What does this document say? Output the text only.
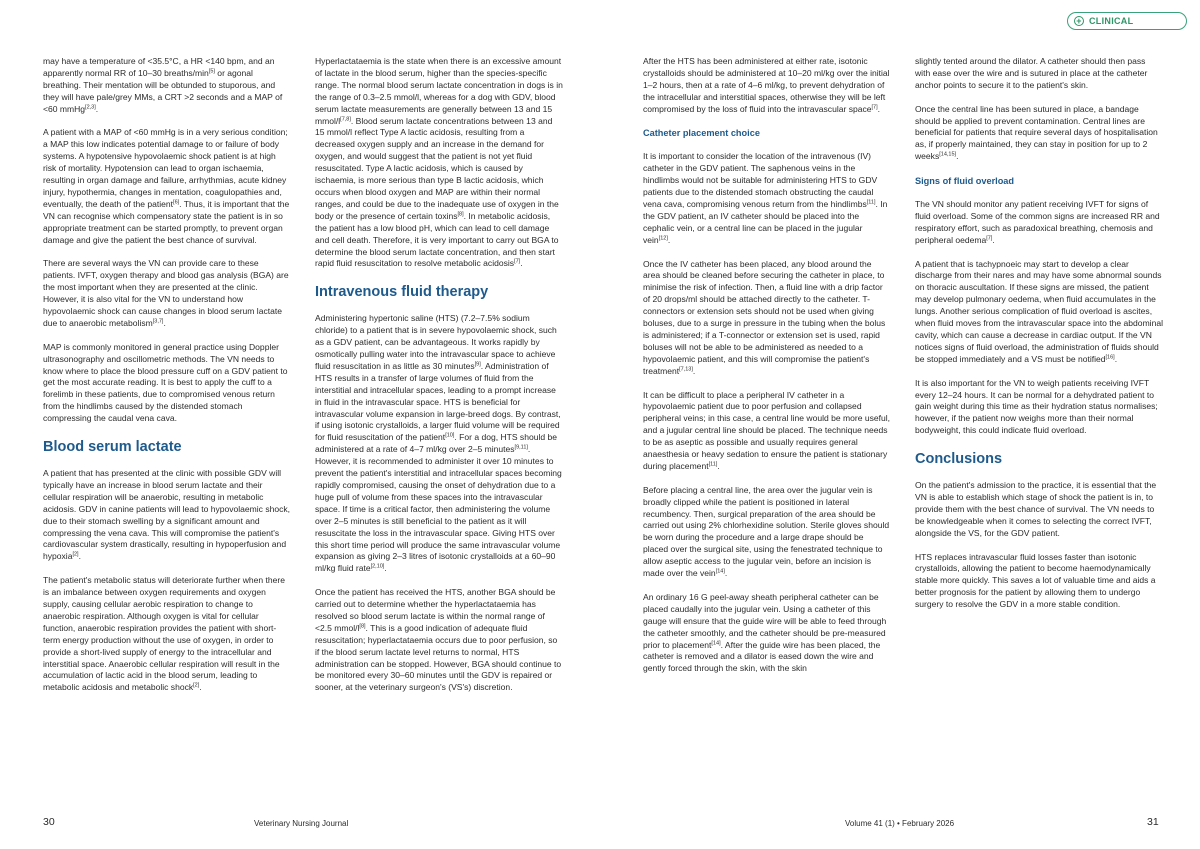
+ CLINICAL

may have a temperature of <35.5°C, a HR <140 bpm, and an apparently normal RR of 10–30 breaths/min[5] or agonal breathing. Their mentation will be obtunded to stuporous, and they will have pale/grey MMs, a CRT >2 seconds and a MAP of <60 mmHg[2,3].

A patient with a MAP of <60 mmHg is in a very serious condition; a MAP this low indicates potential damage to or failure of body systems. A hypotensive hypovolaemic shock patient is at high risk of mortality. Hypotension can lead to organ ischaemia, resulting in organ damage and failure, arrhythmias, acute kidney injury, hypothermia, changes in mentation, coagulopathies and, eventually, the death of the patient[6]. Thus, it is important that the VN can recognise which compensatory state the patient is in so appropriate treatment can be started promptly, to prevent organ damage and give the patient the best chance of survival.

There are several ways the VN can provide care to these patients. IVFT, oxygen therapy and blood gas analysis (BGA) are the most important when they are presented at the clinic. However, it is also vital for the VN to understand how hypovolaemic shock can cause changes in blood serum lactate due to anaerobic metabolism[3,7].

MAP is commonly monitored in general practice using Doppler ultrasonography and oscillometric methods. The VN needs to know where to place the blood pressure cuff on a GDV patient to get the most accurate reading. It is best to apply the cuff to a forelimb in these patients, due to compromised venous return from the hindlimbs caused by the distended stomach compressing the caudal vena cava.

Blood serum lactate

A patient that has presented at the clinic with possible GDV will typically have an increase in blood serum lactate and their cellular respiration will be anaerobic, resulting in metabolic acidosis. GDV in canine patients will lead to hypovolaemic shock, due to their stomach swelling by a significant amount and compressing the vena cava. This will compromise the patient's cardiovascular system drastically, resulting in hypoperfusion and hypoxia[2].

The patient's metabolic status will deteriorate further when there is an imbalance between oxygen requirements and oxygen supply, causing cellular aerobic respiration to change to anaerobic respiration. Although oxygen is vital for cellular function, anaerobic respiration provides the patient with short-term energy production without the use of oxygen, in order to provide a short-lived supply of energy to the intracellular and interstitial space. Anaerobic cellular respiration will result in the accumulation of lactic acid in the blood serum, leading to metabolic acidosis and metabolic shock[2].

Hyperlactataemia is the state when there is an excessive amount of lactate in the blood serum, higher than the species-specific range. The normal blood serum lactate concentration in dogs is in the range of 0.3–2.5 mmol/l, whereas for a dog with GDV, blood serum lactate measurements are generally between 13 and 15 mmol/l[7,8]. Blood serum lactate concentrations between 13 and 15 mmol/l reflect Type A lactic acidosis, resulting from a decreased oxygen supply and an increase in the demand for oxygen, and would suggest that the patient is not yet fluid resuscitated. Type A lactic acidosis, which is caused by ischaemia, is more serious than type B lactic acidosis, which occurs when blood oxygen and MAP are within their normal ranges, and could be due to the inadequate use of oxygen in the body or the presence of certain toxins[8]. In metabolic acidosis, the patient has a low blood pH, which can lead to cell damage and cell death. Therefore, it is very important to carry out BGA to determine the blood serum lactate concentration, and then start rapid fluid resuscitation to resolve metabolic acidosis[7].

Intravenous fluid therapy

Administering hypertonic saline (HTS) (7.2–7.5% sodium chloride) to a patient that is in severe hypovolaemic shock, such as a GDV patient, can be advantageous. It works rapidly by osmotically pulling water into the intravascular space to achieve fluid resuscitation in as little as 30 minutes[9]. Administration of HTS results in a transfer of large volumes of fluid from the interstitial and intracellular spaces, leading to a prompt increase in fluid in the intravascular space. HTS is beneficial for intravascular volume expansion in large-breed dogs. By contrast, if using isotonic crystalloids, a larger fluid volume will be required for fluid resuscitation of the patient[10]. For a dog, HTS should be administered at a rate of 4–7 ml/kg over 2–5 minutes[9,11]. However, it is recommended to administer it over 10 minutes to prevent the patient's interstitial and intracellular spaces becoming rapidly compromised, causing the onset of dehydration due to a huge pull of volume from these spaces into the intravascular space. If time is a critical factor, then administering the volume over 2–5 minutes is still beneficial to the patient as it will resuscitate the loss in the intravascular space. Giving HTS over this short time period will produce the same intravascular volume expansion as giving 2–3 litres of isotonic crystalloids at a 60–90 ml/kg fluid rate[2,10].

Once the patient has received the HTS, another BGA should be carried out to determine whether the hyperlactataemia has resolved so blood serum lactate is within the normal range of <2.5 mmol/l[8]. This is a good indication of adequate fluid resuscitation; hyperlactataemia occurs due to poor perfusion, so if the blood serum lactate level returns to normal, HTS administration can be stopped. However, BGA should continue to be monitored every 30–60 minutes until the GDV is repaired or sooner, at the veterinary surgeon's (VS's) discretion.

After the HTS has been administered at either rate, isotonic crystalloids should be administered at 10–20 ml/kg over the initial 1–2 hours, then at a rate of 4–6 ml/kg, to prevent dehydration of the intracellular and interstitial spaces, otherwise they will be left compromised by the loss of fluid into the intravascular space[7].

Catheter placement choice

It is important to consider the location of the intravenous (IV) catheter in the GDV patient. The saphenous veins in the hindlimbs would not be suitable for administering HTS to GDV patients due to the distended stomach obstructing the caudal vena cava, compromising venous return from the hindlimbs[11]. In the GDV patient, an IV catheter should be placed into the cephalic vein, or a central line can be placed in the jugular vein[12].

Once the IV catheter has been placed, any blood around the area should be cleaned before securing the catheter in place, to minimise the risk of infection. Then, a fluid line with a drip factor of 20 drops/ml should be attached directly to the catheter. T-connectors or extension sets should not be used when giving boluses, due to a surge in pressure in the tubing when the bolus is administered; if a T-connector or extension set is used, rapid boluses will not be able to be administered as needed to a hypovolaemic patient, and this will compromise the patient's treatment[7,13].

It can be difficult to place a peripheral IV catheter in a hypovolaemic patient due to poor perfusion and collapsed peripheral veins; in this case, a central line would be more useful, and a jugular central line should be placed. The technique needs to be as aseptic as possible and usually requires general anaesthesia or heavy sedation to ensure the patient is stationary during placement[11].

Before placing a central line, the area over the jugular vein is broadly clipped while the patient is positioned in lateral recumbency. Then, surgical preparation of the area should be carried out using 2% chlorhexidine solution. Sterile gloves should be worn during the procedure and a large drape should be placed over the surgical site, using the fenestrated technique to allow aseptic access to the jugular vein, before an incision is made over the vein[14].

An ordinary 16 G peel-away sheath peripheral catheter can be placed caudally into the jugular vein. Using a catheter of this gauge will ensure that the guide wire will be able to feed through the catheter smoothly, and the catheter should be pre-measured prior to placement[14]. After the guide wire has been placed, the catheter is removed and a dilator is eased down the wire and gently forced through the skin, with the skin

slightly tented around the dilator. A catheter should then pass with ease over the wire and is sutured in place at the catheter anchor points to secure it to the patient's skin.

Once the central line has been sutured in place, a bandage should be applied to prevent contamination. Central lines are beneficial for patients that require several days of hospitalisation as, if properly maintained, they can stay in position for up to 2 weeks[14,15].

Signs of fluid overload

The VN should monitor any patient receiving IVFT for signs of fluid overload. Some of the common signs are increased RR and respiratory effort, such as paradoxical breathing, chemosis and peripheral oedema[7].

A patient that is tachypnoeic may start to develop a clear discharge from their nares and may have some abnormal sounds on thoracic auscultation. If these signs are missed, the patient may develop pulmonary oedema, when fluid accumulates in the lungs. Another serious complication of fluid overload is ascites, when fluid moves from the intravascular space into the abdominal cavity, which can cause a decrease in cardiac output. If the VN notices signs of fluid overload, the administration of fluids should be stopped immediately and a VS must be notified[16].

It is also important for the VN to weigh patients receiving IVFT every 12–24 hours. It can be normal for a dehydrated patient to gain weight during this time as their hydration status normalises; however, if the patient now weighs more than their normal bodyweight, this could indicate fluid overload.

Conclusions

On the patient's admission to the practice, it is essential that the VN is able to establish which stage of shock the patient is in, to provide them with the best chance of survival. The VN needs to be knowledgeable when it comes to selecting the correct IVFT, alongside the VS, for the GDV patient.

HTS replaces intravascular fluid losses faster than isotonic crystalloids, allowing the patient to become haemodynamically stable more quickly. This saves a lot of valuable time and aids a better prognosis for the patient by allowing them to undergo surgery to resolve the GDV in a more stable condition.

30	Veterinary Nursing Journal	Volume 41 (1) • February 2026	31
